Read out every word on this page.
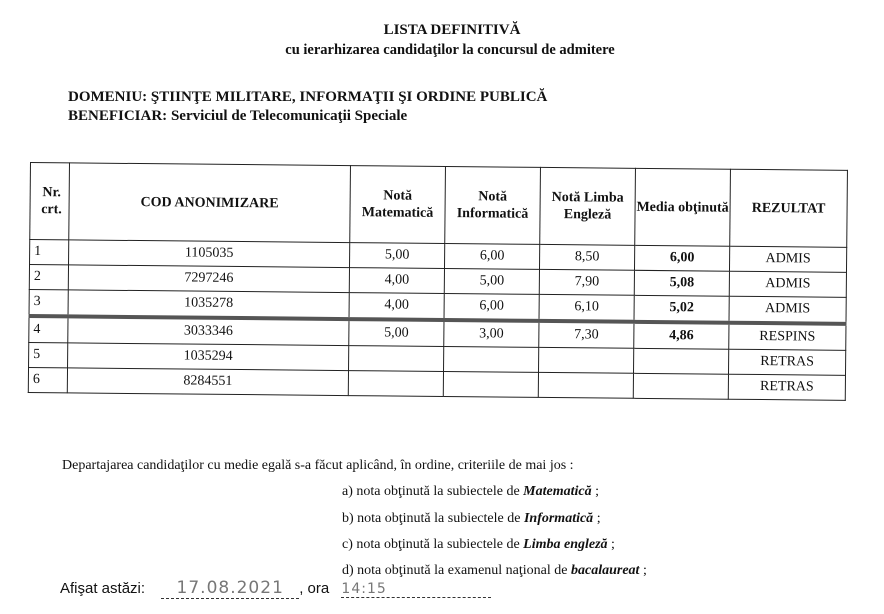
LISTA DEFINITIVĂ
cu ierarhizarea candidaţilor la concursul de admitere
DOMENIU: ŞTIINŢE MILITARE, INFORMAŢII ŞI ORDINE PUBLICĂ
BENEFICIAR: Serviciul de Telecomunicaţii Speciale
Nr. crt.	COD ANONIMIZARE	Notă Matematică	Notă Informatică	Notă Limba Engleză	Media obţinută	REZULTAT
1	1105035	5,00	6,00	8,50	6,00	ADMIS
2	7297246	4,00	5,00	7,90	5,08	ADMIS
3	1035278	4,00	6,00	6,10	5,02	ADMIS
4	3033346	5,00	3,00	7,30	4,86	RESPINS
5	1035294					RETRAS
6	8284551					RETRAS
Departajarea candidaţilor cu medie egală s-a făcut aplicând, în ordine, criteriile de mai jos :
a) nota obţinută la subiectele de Matematică ;
b) nota obţinută la subiectele de Informatică ;
c) nota obţinută la subiectele de Limba engleză ;
d) nota obţinută la examenul naţional de bacalaureat ;
Afişat astăzi: 17.08.2021 , ora 14:15
